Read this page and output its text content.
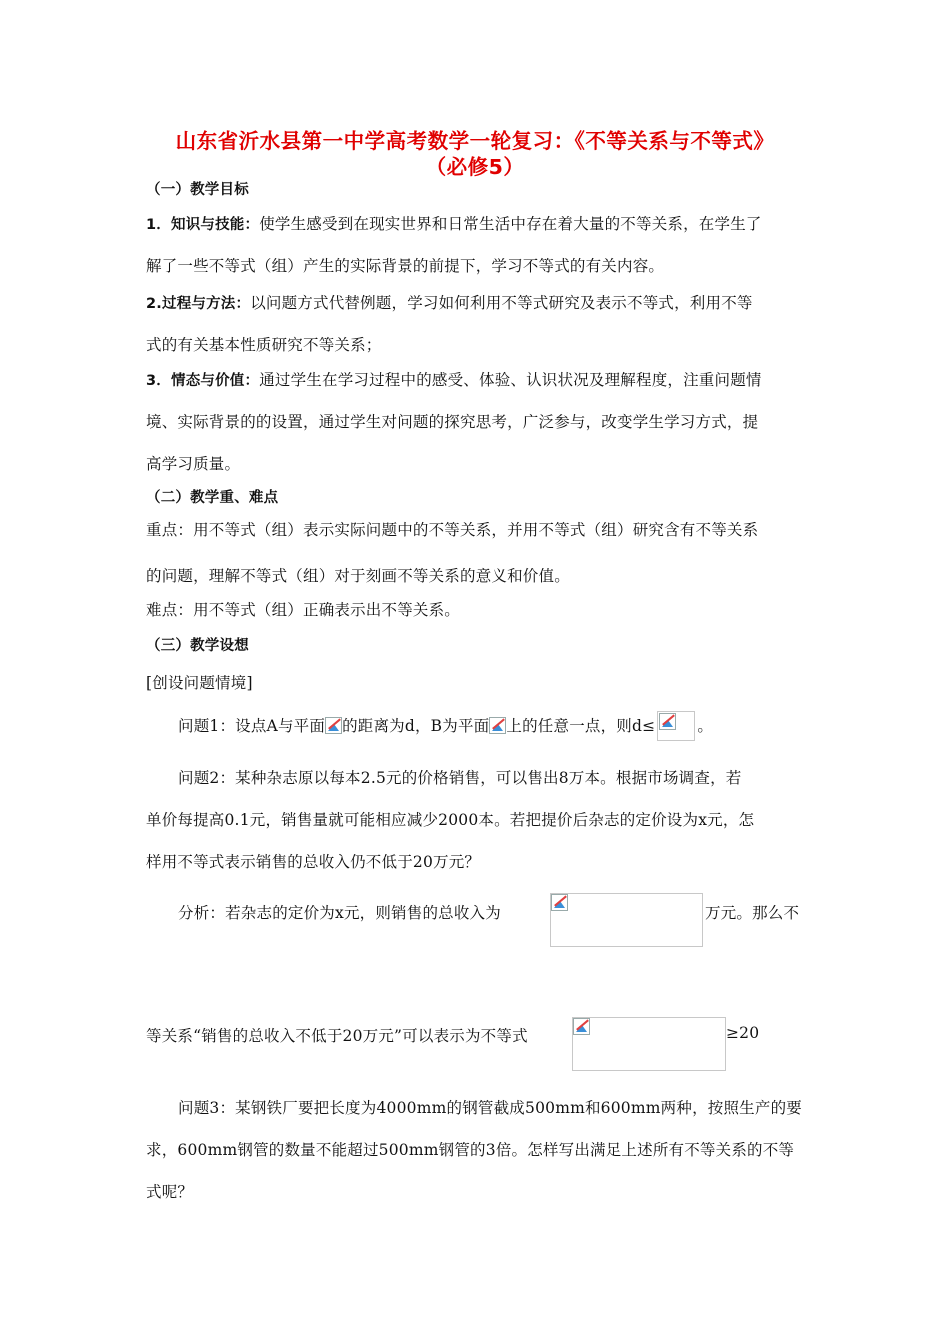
山东省沂水县第一中学高考数学一轮复习：《不等关系与不等式》
（必修5）
（一）教学目标
1．知识与技能：使学生感受到在现实世界和日常生活中存在着大量的不等关系，在学生了
解了一些不等式（组）产生的实际背景的前提下，学习不等式的有关内容。
2.过程与方法：以问题方式代替例题，学习如何利用不等式研究及表示不等式，利用不等
式的有关基本性质研究不等关系；
3．情态与价值：通过学生在学习过程中的感受、体验、认识状况及理解程度，注重问题情
境、实际背景的的设置，通过学生对问题的探究思考，广泛参与，改变学生学习方式，提
高学习质量。
（二）教学重、难点
重点：用不等式（组）表示实际问题中的不等关系，并用不等式（组）研究含有不等关系
的问题，理解不等式（组）对于刻画不等关系的意义和价值。
难点：用不等式（组）正确表示出不等关系。
（三）教学设想
[创设问题情境]
问题1：设点A与平面 的距离为d，B为平面 上的任意一点，则d≤	。
问题2：某种杂志原以每本2.5元的价格销售，可以售出8万本。根据市场调查，若
单价每提高0.1元，销售量就可能相应减少2000本。若把提价后杂志的定价设为x元，怎
样用不等式表示销售的总收入仍不低于20万元？
分析：若杂志的定价为x元，则销售的总收入为	万元。那么不
等关系“销售的总收入不低于20万元”可以表示为不等式	≥20
问题3：某钢铁厂要把长度为4000mm的钢管截成500mm和600mm两种，按照生产的要
求，600mm钢管的数量不能超过500mm钢管的3倍。怎样写出满足上述所有不等关系的不等
式呢？
